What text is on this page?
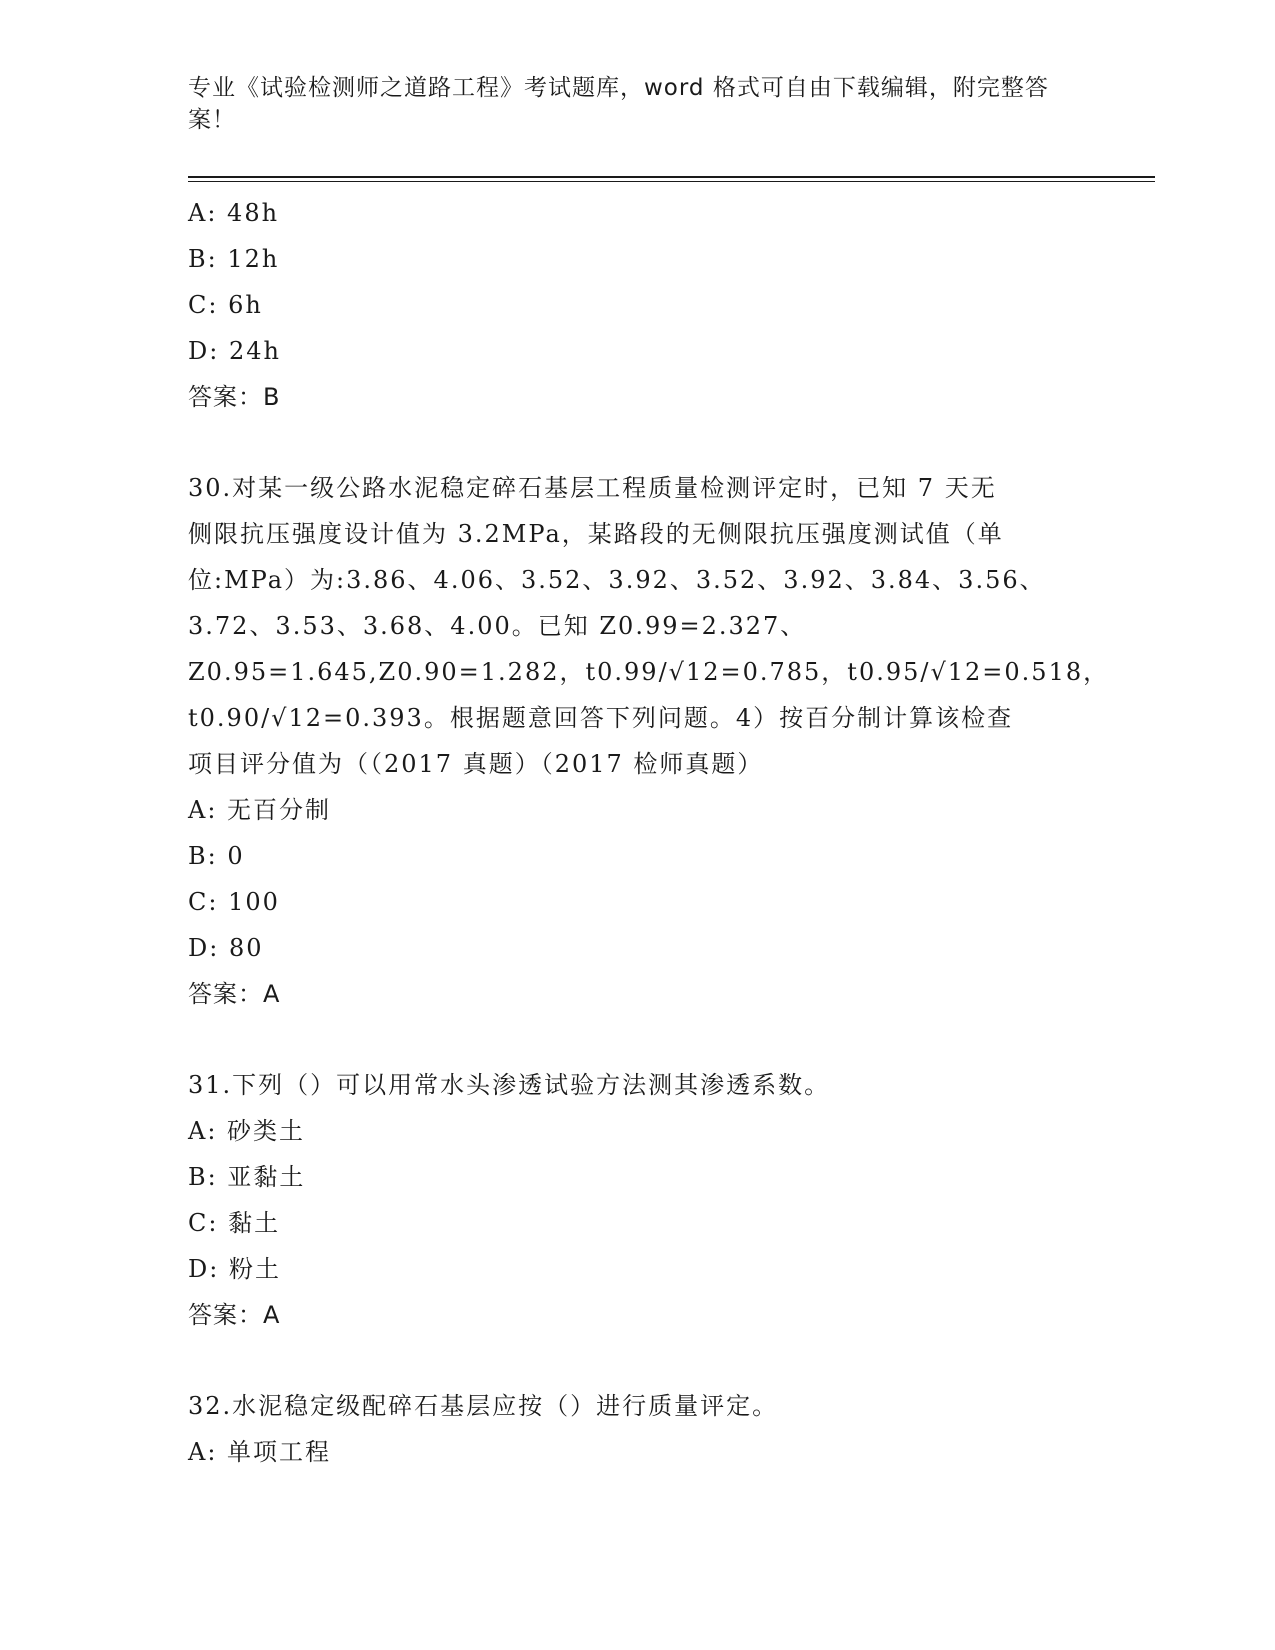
专业《试验检测师之道路工程》考试题库，word 格式可自由下载编辑，附完整答
案！
A: 48h
B: 12h
C: 6h
D: 24h
答案：B
30.对某一级公路水泥稳定碎石基层工程质量检测评定时，已知 7 天无
侧限抗压强度设计值为 3.2MPa，某路段的无侧限抗压强度测试值（单
位:MPa）为:3.86、4.06、3.52、3.92、3.52、3.92、3.84、3.56、
3.72、3.53、3.68、4.00。已知 Z0.99=2.327、
Z0.95=1.645,Z0.90=1.282，t0.99/√12=0.785，t0.95/√12=0.518，
t0.90/√12=0.393。根据题意回答下列问题。4）按百分制计算该检查
项目评分值为（（2017 真题）（2017 检师真题）
A: 无百分制
B: 0
C: 100
D: 80
答案：A
31.下列（）可以用常水头渗透试验方法测其渗透系数。
A: 砂类土
B: 亚黏土
C: 黏土
D: 粉土
答案：A
32.水泥稳定级配碎石基层应按（）进行质量评定。
A: 单项工程
